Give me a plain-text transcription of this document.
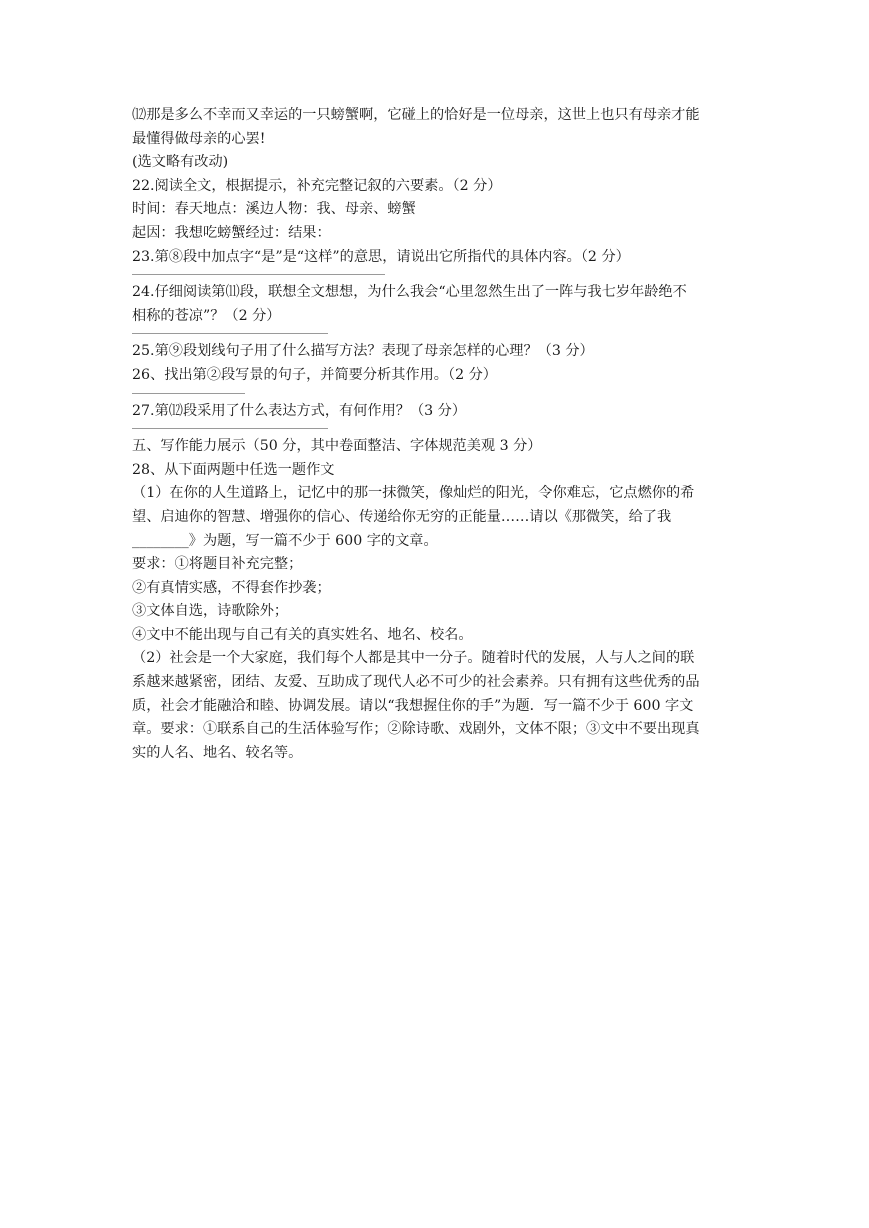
⑿那是多么不幸而又幸运的一只螃蟹啊，它碰上的恰好是一位母亲，这世上也只有母亲才能
最懂得做母亲的心罢!
(选文略有改动)
22.阅读全文，根据提示，补充完整记叙的六要素。（2 分）
时间：春天地点：溪边人物：我、母亲、螃蟹
起因：我想吃螃蟹经过：结果：
23.第⑧段中加点字“是”是“这样”的意思，请说出它所指代的具体内容。（2 分）
24.仔细阅读第⑾段，联想全文想想，为什么我会“心里忽然生出了一阵与我七岁年龄绝不
相称的苍凉”？（2 分）
25.第⑨段划线句子用了什么描写方法？表现了母亲怎样的心理？（3 分）
26、找出第②段写景的句子，并简要分析其作用。（2 分）
27.第⑿段采用了什么表达方式，有何作用？（3 分）
五、写作能力展示（50 分，其中卷面整洁、字体规范美观 3 分）
28、从下面两题中任选一题作文
（1）在你的人生道路上，记忆中的那一抹微笑，像灿烂的阳光，令你难忘，它点燃你的希
望、启迪你的智慧、增强你的信心、传递给你无穷的正能量……请以《那微笑，给了我
________》为题，写一篇不少于 600 字的文章。
要求：①将题目补充完整；
②有真情实感，不得套作抄袭；
③文体自选，诗歌除外；
④文中不能出现与自己有关的真实姓名、地名、校名。
（2）社会是一个大家庭，我们每个人都是其中一分子。随着时代的发展，人与人之间的联
系越来越紧密，团结、友爱、互助成了现代人必不可少的社会素养。只有拥有这些优秀的品
质，社会才能融洽和睦、协调发展。请以“我想握住你的手”为题．写一篇不少于 600 字文
章。要求：①联系自己的生活体验写作；②除诗歌、戏剧外，文体不限；③文中不要出现真
实的人名、地名、较名等。
